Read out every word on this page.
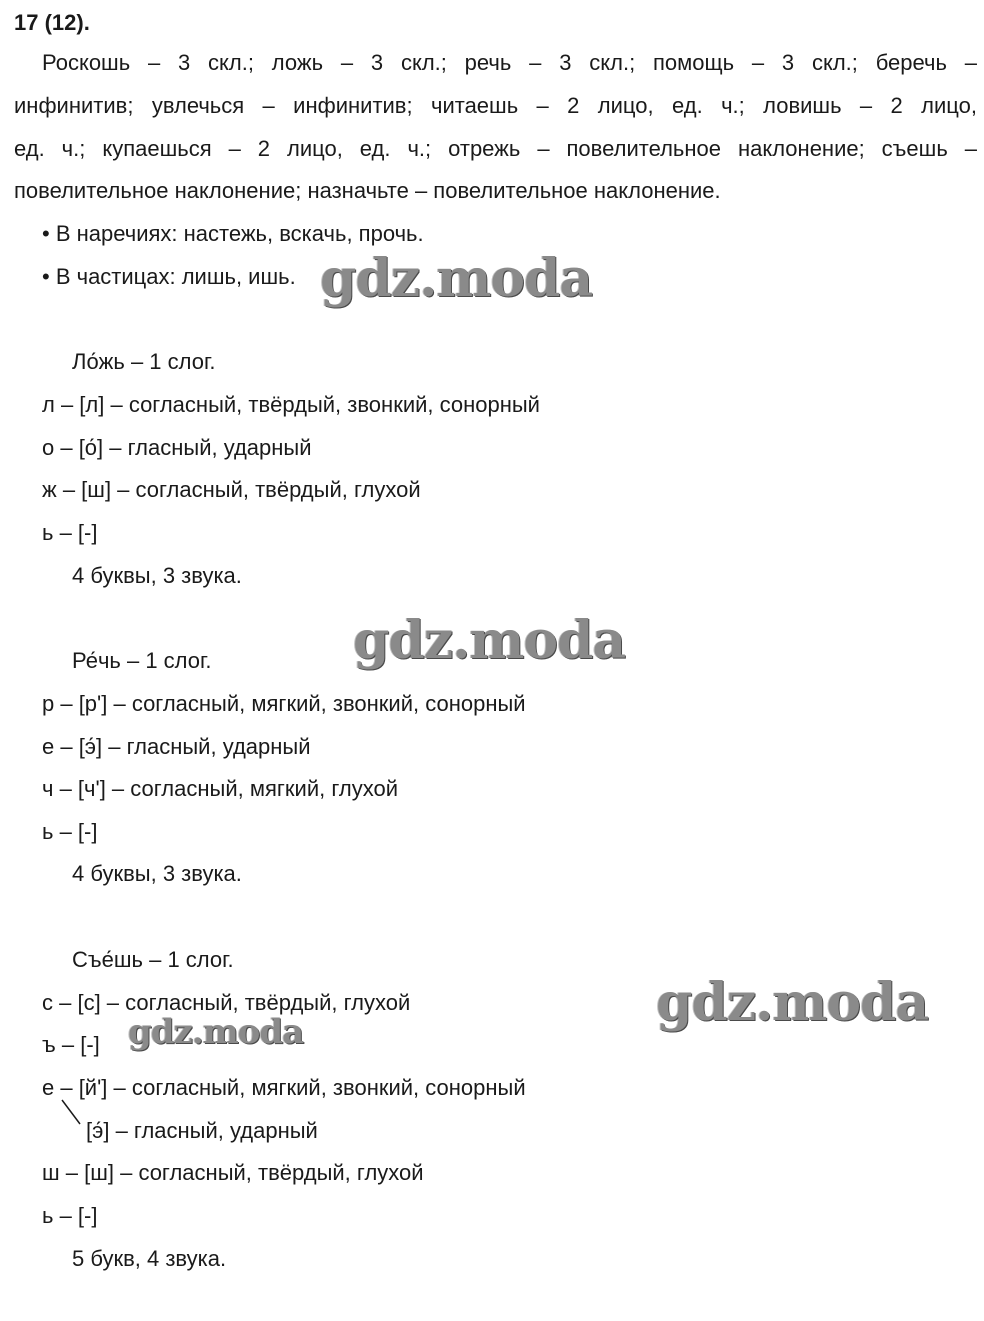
17 (12).
Роскошь – 3 скл.; ложь – 3 скл.; речь – 3 скл.; помощь – 3 скл.; беречь –
инфинитив; увлечься – инфинитив; читаешь – 2 лицо, ед. ч.; ловишь – 2 лицо,
ед. ч.; купаешься – 2 лицо, ед. ч.; отрежь – повелительное наклонение; съешь –
повелительное наклонение; назначьте – повелительное наклонение.
• В наречиях: настежь, вскачь, прочь.
• В частицах: лишь, ишь.
Ло́жь – 1 слог.
л – [л] – согласный, твёрдый, звонкий, сонорный
о – [о́] – гласный, ударный
ж – [ш] – согласный, твёрдый, глухой
ь – [-]
4 буквы, 3 звука.
Ре́чь – 1 слог.
р – [р'] – согласный, мягкий, звонкий, сонорный
е – [э́] – гласный, ударный
ч – [ч'] – согласный, мягкий, глухой
ь – [-]
4 буквы, 3 звука.
Съе́шь – 1 слог.
с – [с] – согласный, твёрдый, глухой
ъ – [-]
е – [й'] – согласный, мягкий, звонкий, сонорный
[э́] – гласный, ударный
ш – [ш] – согласный, твёрдый, глухой
ь – [-]
5 букв, 4 звука.
gdz.moda
gdz.moda
gdz.moda
gdz.moda
